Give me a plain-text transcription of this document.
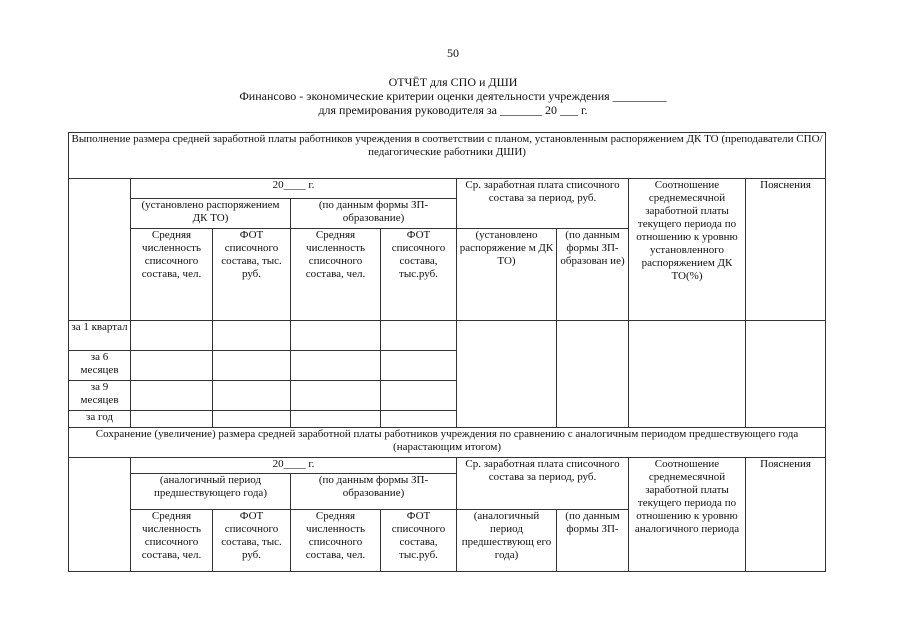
50
ОТЧЁТ для СПО и ДШИ
Финансово - экономические критерии оценки деятельности учреждения _________
для премирования руководителя за _______ 20 ___ г.
Выполнение размера средней заработной платы работников учреждения в соответствии с планом, установленным распоряжением ДК ТО (преподаватели СПО/педагогические работники ДШИ)								
	20____ г.				Ср. заработная плата списочного состава за период, руб.		Соотношение среднемесячной заработной платы текущего периода по отношению к уровню установленного распоряжением ДК ТО(%)	Пояснения
	(установлено распоряжением ДК ТО)		(по данным формы ЗП-образование)					
	Средняя численность списочного состава, чел.	ФОТ списочного состава, тыс. руб.	Средняя численность списочного состава, чел.	ФОТ списочного состава, тыс.руб.	(установлено распоряжение м ДК ТО)	(по данным формы ЗП-образован ие)		
за 1 квартал								
за 6 месяцев								
за 9 месяцев								
за год								
Сохранение (увеличение) размера средней заработной платы работников учреждения по сравнению с аналогичным периодом предшествующего года (нарастающим итогом)								
	20____ г.				Ср. заработная плата списочного состава за период, руб.		Соотношение среднемесячной заработной платы текущего периода по отношению к уровню аналогичного периода	Пояснения
	(аналогичный период предшествующего года)		(по данным формы ЗП-образование)					
	Средняя численность списочного состава, чел.	ФОТ списочного состава, тыс. руб.	Средняя численность списочного состава, чел.	ФОТ списочного состава, тыс.руб.	(аналогичный период предшествующ его года)	(по данным формы ЗП-		
